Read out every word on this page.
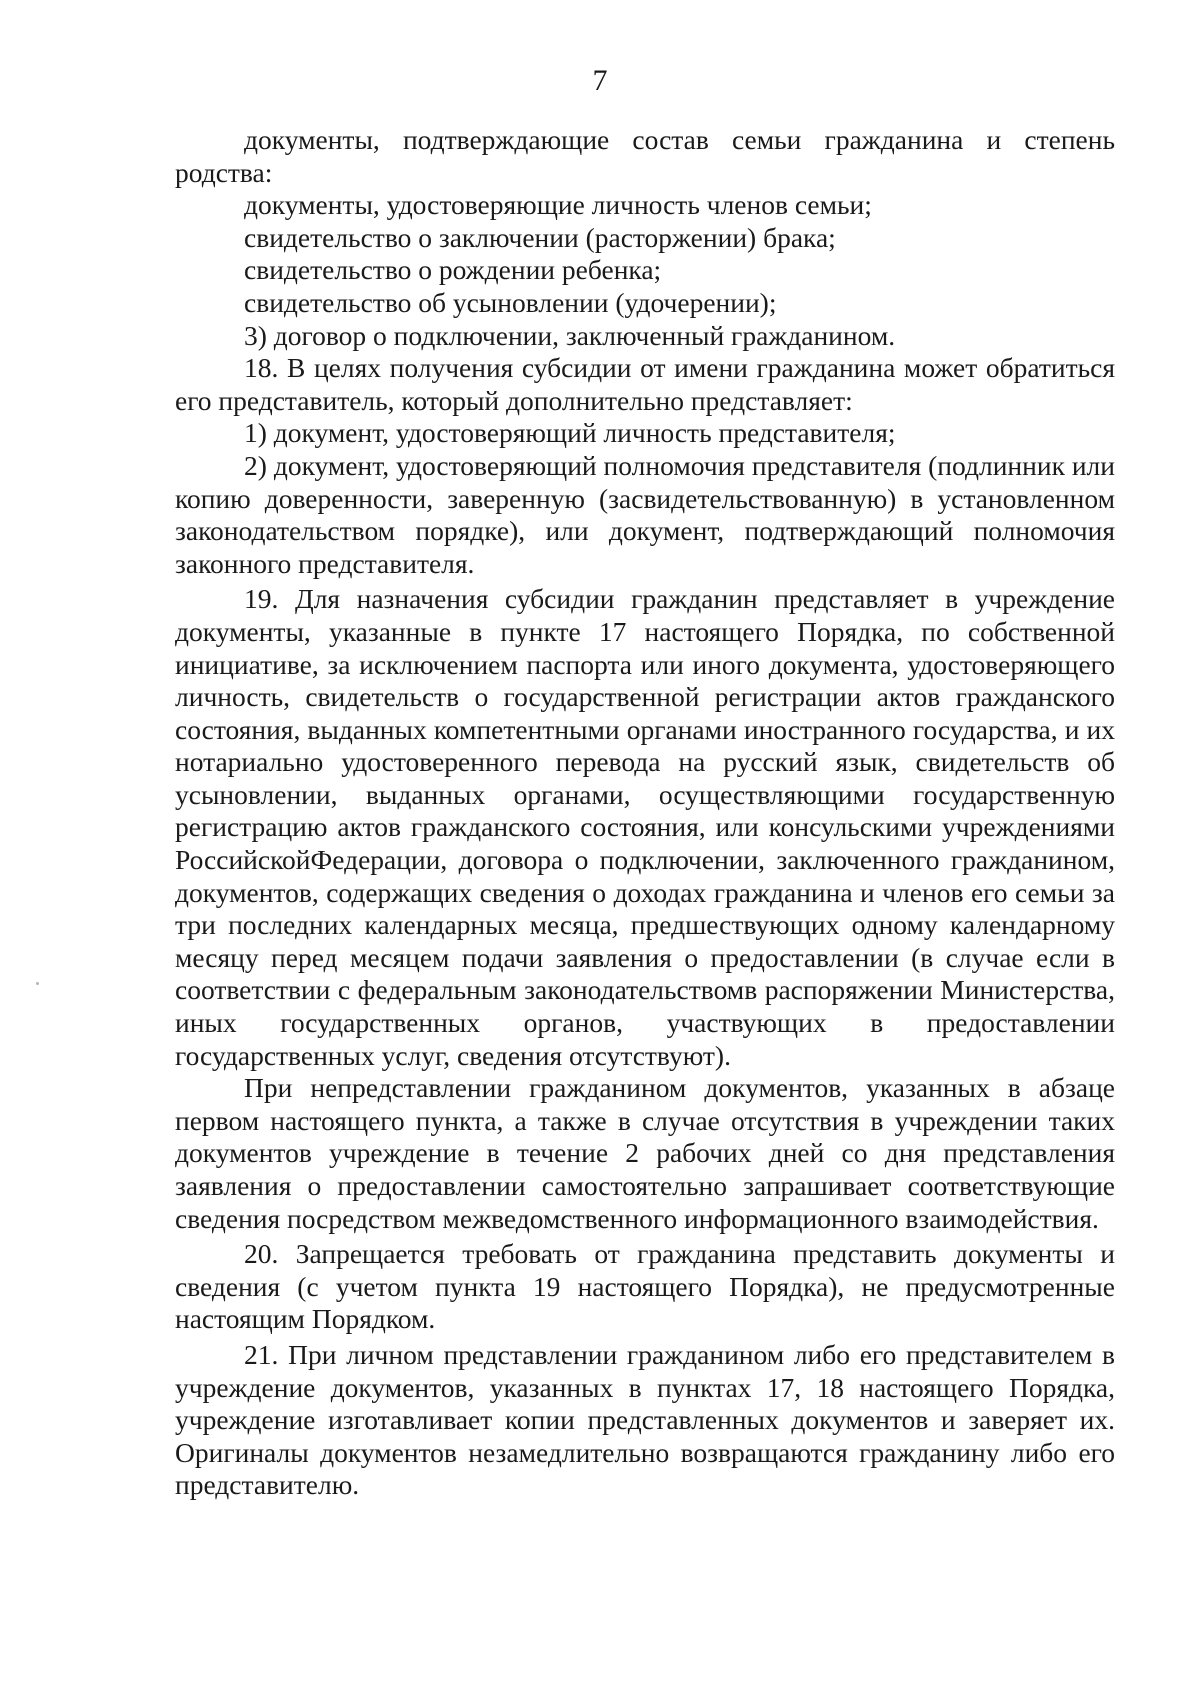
7

документы, подтверждающие состав семьи гражданина и степень родства:

документы, удостоверяющие личность членов семьи;

свидетельство о заключении (расторжении) брака;

свидетельство о рождении ребенка;

свидетельство об усыновлении (удочерении);

3) договор о подключении, заключенный гражданином.

18. В целях получения субсидии от имени гражданина может обратиться его представитель, который дополнительно представляет:

1) документ, удостоверяющий личность представителя;

2) документ, удостоверяющий полномочия представителя (подлинник или копию доверенности, заверенную (засвидетельствованную) в установленном законодательством порядке), или документ, подтверждающий полномочия законного представителя.

19. Для назначения субсидии гражданин представляет в учреждение документы, указанные в пункте 17 настоящего Порядка, по собственной инициативе, за исключением паспорта или иного документа, удостоверяющего личность, свидетельств о государственной регистрации актов гражданского состояния, выданных компетентными органами иностранного государства, и их нотариально удостоверенного перевода на русский язык, свидетельств об усыновлении, выданных органами, осуществляющими государственную регистрацию актов гражданского состояния, или консульскими учреждениями РоссийскойФедерации, договора о подключении, заключенного гражданином, документов, содержащих сведения о доходах гражданина и членов его семьи за три последних календарных месяца, предшествующих одному календарному месяцу перед месяцем подачи заявления о предоставлении (в случае если в соответствии с федеральным законодательствомв распоряжении Министерства, иных государственных органов, участвующих в предоставлении государственных услуг, сведения отсутствуют).

При непредставлении гражданином документов, указанных в абзаце первом настоящего пункта, а также в случае отсутствия в учреждении таких документов учреждение в течение 2 рабочих дней со дня представления заявления о предоставлении самостоятельно запрашивает соответствующие сведения посредством межведомственного информационного взаимодействия.

20. Запрещается требовать от гражданина представить документы и сведения (с учетом пункта 19 настоящего Порядка), не предусмотренные настоящим Порядком.

21. При личном представлении гражданином либо его представителем в учреждение документов, указанных в пунктах 17, 18 настоящего Порядка, учреждение изготавливает копии представленных документов и заверяет их. Оригиналы документов незамедлительно возвращаются гражданину либо его представителю.
